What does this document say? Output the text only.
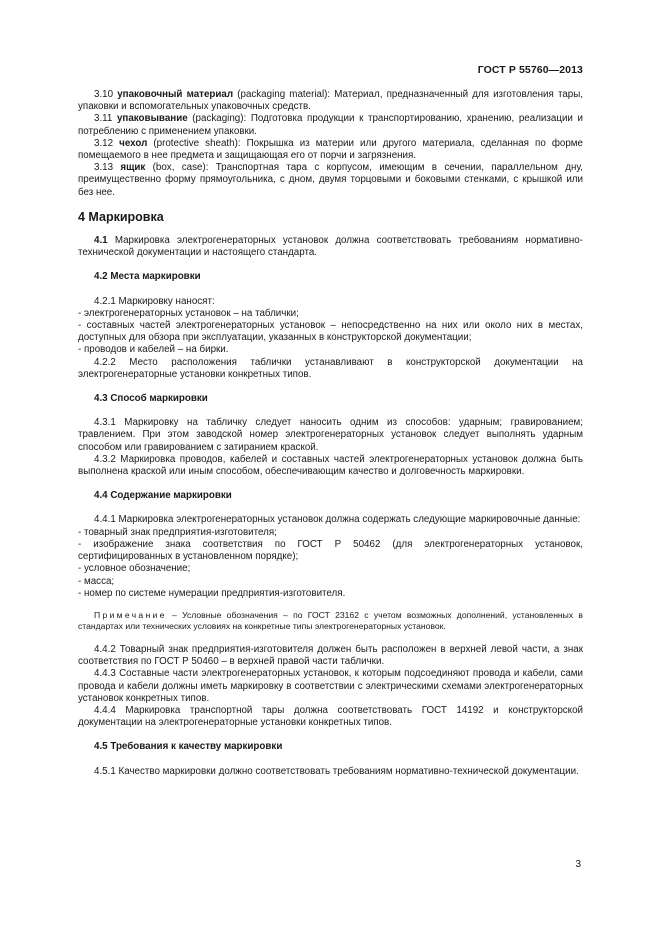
ГОСТ Р 55760—2013

3.10 упаковочный материал (packaging material): Материал, предназначенный для изготовления тары, упаковки и вспомогательных упаковочных средств.

3.11 упаковывание (packaging): Подготовка продукции к транспортированию, хранению, реализации и потреблению с применением упаковки.

3.12 чехол (protective sheath): Покрышка из материи или другого материала, сделанная по форме помещаемого в нее предмета и защищающая его от порчи и загрязнения.

3.13 ящик (box, case): Транспортная тара с корпусом, имеющим в сечении, параллельном дну, преимущественно форму прямоугольника, с дном, двумя торцовыми и боковыми стенками, с крышкой или без нее.

4 Маркировка

4.1 Маркировка электрогенераторных установок должна соответствовать требованиям нормативно-технической документации и настоящего стандарта.

4.2 Места маркировки

4.2.1 Маркировку наносят:

- электрогенераторных установок – на таблички;

- составных частей электрогенераторных установок – непосредственно на них или около них в местах, доступных для обзора при эксплуатации, указанных в конструкторской документации;

- проводов и кабелей – на бирки.

4.2.2 Место расположения таблички устанавливают в конструкторской документации на электрогенераторные установки конкретных типов.

4.3 Способ маркировки

4.3.1 Маркировку на табличку следует наносить одним из способов: ударным; гравированием; травлением. При этом заводской номер электрогенераторных установок следует выполнять ударным способом или гравированием с затиранием краской.

4.3.2 Маркировка проводов, кабелей и составных частей электрогенераторных установок должна быть выполнена краской или иным способом, обеспечивающим качество и долговечность маркировки.

4.4 Содержание маркировки

4.4.1 Маркировка электрогенераторных установок должна содержать следующие маркировочные данные:

- товарный знак предприятия-изготовителя;

- изображение знака соответствия по ГОСТ Р 50462 (для электрогенераторных установок, сертифицированных в установленном порядке);

- условное обозначение;

- масса;

- номер по системе нумерации предприятия-изготовителя.

Примечание – Условные обозначения – по ГОСТ 23162 с учетом возможных дополнений, установленных в стандартах или технических условиях на конкретные типы электрогенераторных установок.

4.4.2 Товарный знак предприятия-изготовителя должен быть расположен в верхней левой части, а знак соответствия по ГОСТ Р 50460 – в верхней правой части таблички.

4.4.3 Составные части электрогенераторных установок, к которым подсоединяют провода и кабели, сами провода и кабели должны иметь маркировку в соответствии с электрическими схемами электрогенераторных установок конкретных типов.

4.4.4 Маркировка транспортной тары должна соответствовать ГОСТ 14192 и конструкторской документации на электрогенераторные установки конкретных типов.

4.5 Требования к качеству маркировки

4.5.1 Качество маркировки должно соответствовать требованиям нормативно-технической документации.

3
